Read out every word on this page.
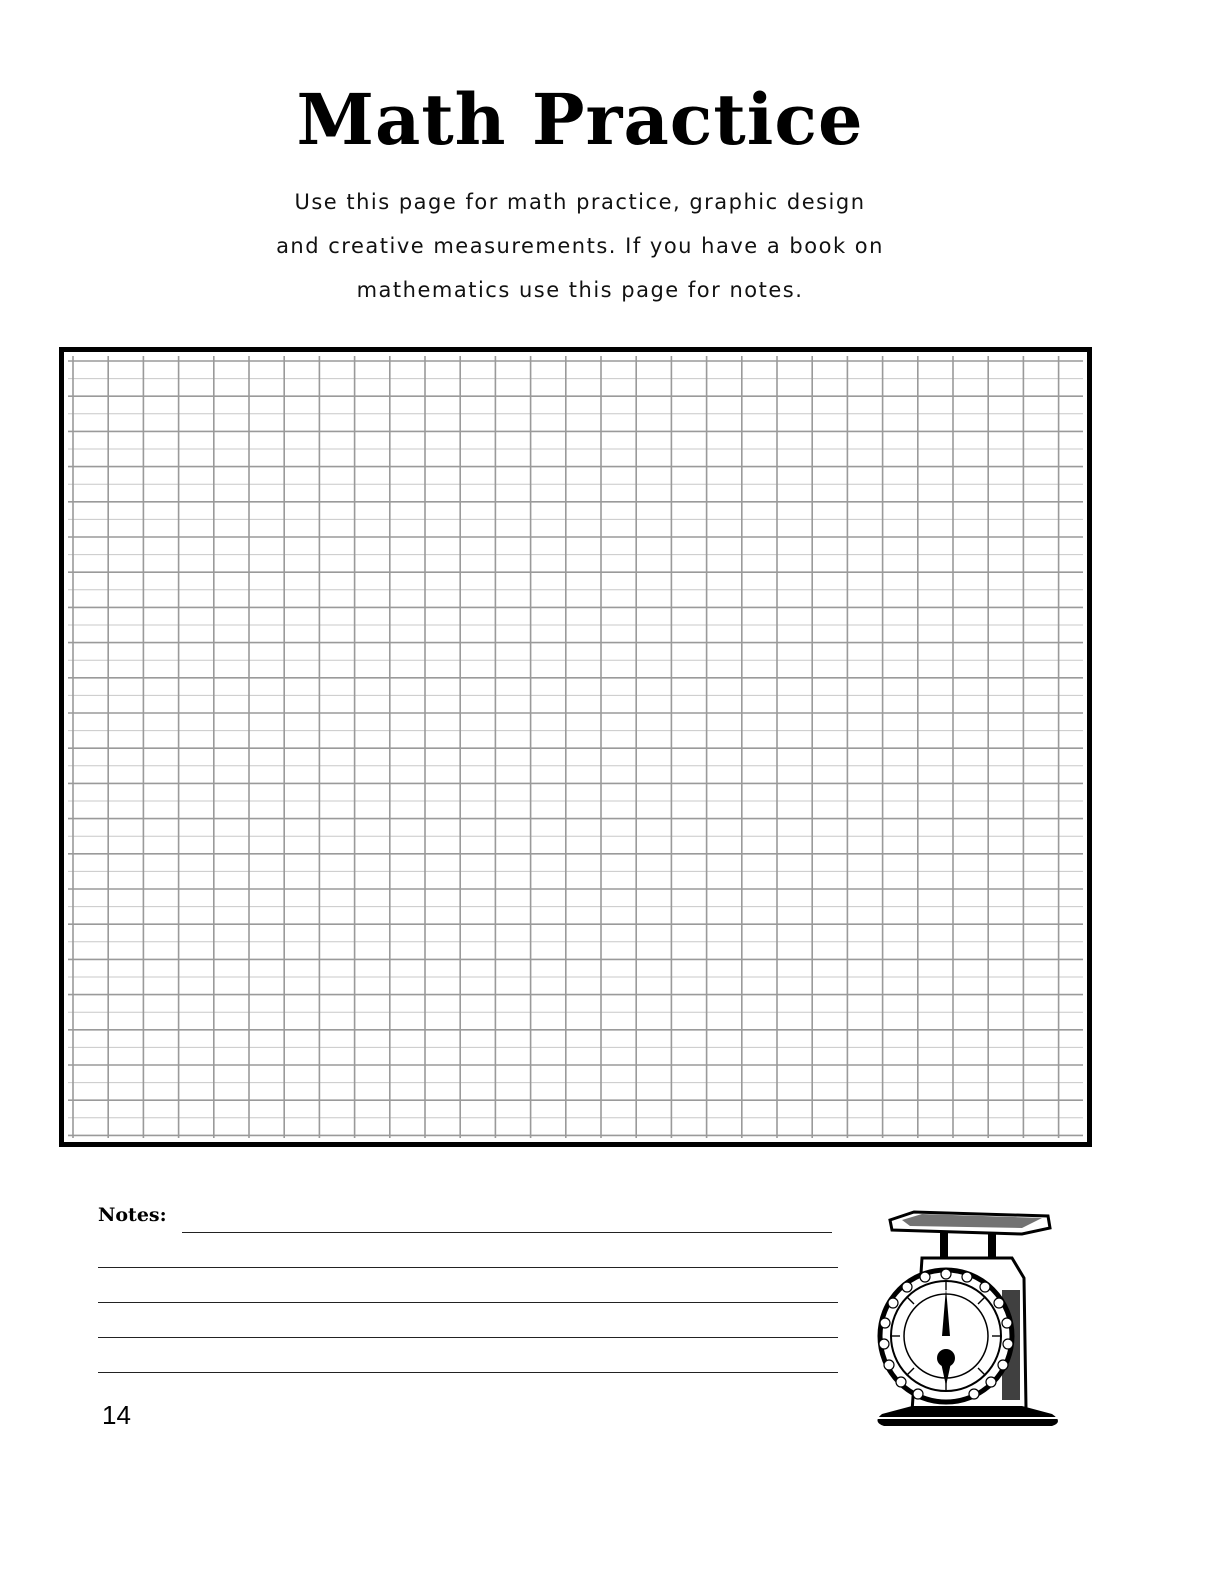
Math Practice
Use this page for math practice, graphic design
and creative measurements. If you have a book on
mathematics use this page for notes.
Notes:
14
